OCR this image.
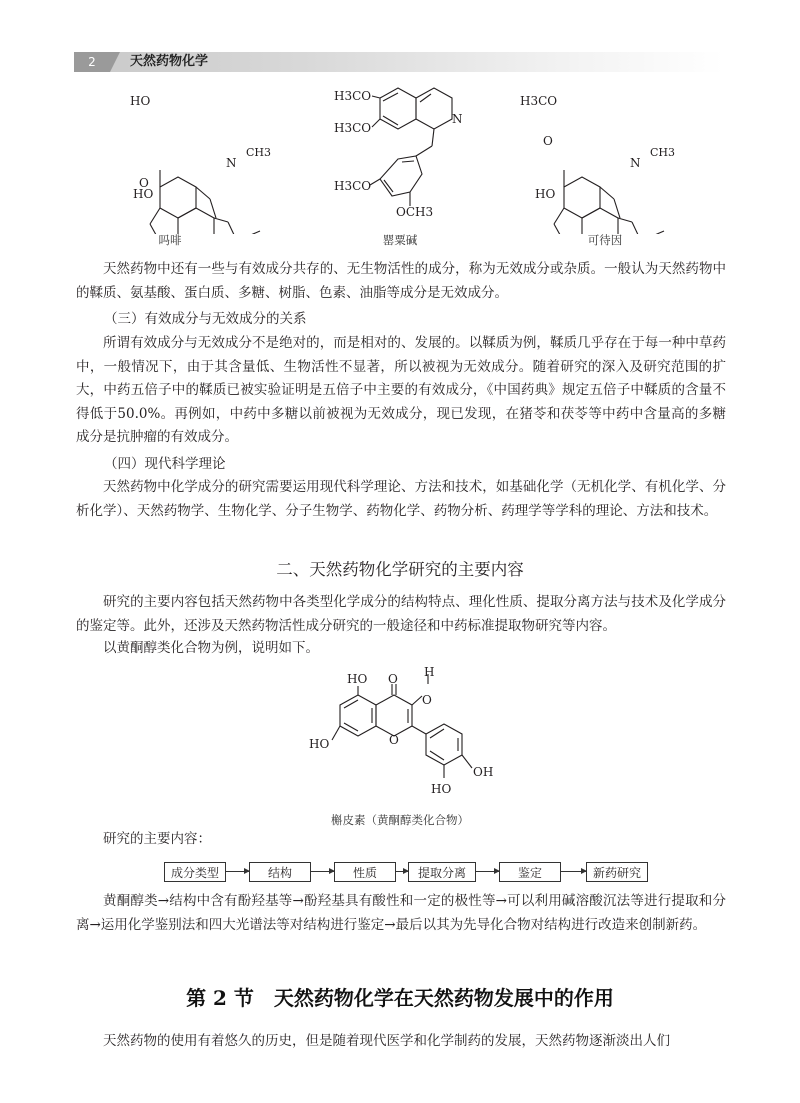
2	天然药物化学
HO
O
N
CH3
HO
H3CO
H3CO
N
H3CO
OCH3
H3CO
O
N
CH3
HO
吗啡	罂粟碱	可待因

天然药物中还有一些与有效成分共存的、无生物活性的成分，称为无效成分或杂质。一般认为天然药物中的鞣质、氨基酸、蛋白质、多糖、树脂、色素、油脂等成分是无效成分。

（三）有效成分与无效成分的关系

所谓有效成分与无效成分不是绝对的，而是相对的、发展的。以鞣质为例，鞣质几乎存在于每一种中草药中，一般情况下，由于其含量低、生物活性不显著，所以被视为无效成分。随着研究的深入及研究范围的扩大，中药五倍子中的鞣质已被实验证明是五倍子中主要的有效成分，《中国药典》规定五倍子中鞣质的含量不得低于50.0%。再例如，中药中多糖以前被视为无效成分，现已发现，在猪苓和茯苓等中药中含量高的多糖成分是抗肿瘤的有效成分。

（四）现代科学理论

天然药物中化学成分的研究需要运用现代科学理论、方法和技术，如基础化学（无机化学、有机化学、分析化学）、天然药物学、生物化学、分子生物学、药物化学、药物分析、药理学等学科的理论、方法和技术。

二、天然药物化学研究的主要内容

研究的主要内容包括天然药物中各类型化学成分的结构特点、理化性质、提取分离方法与技术及化学成分的鉴定等。此外，还涉及天然药物活性成分研究的一般途径和中药标准提取物研究等内容。

以黄酮醇类化合物为例，说明如下。

HO O H
O
HO	O
OH
HO
槲皮素（黄酮醇类化合物）

研究的主要内容：

成分类型	结构	性质	提取分离	鉴定	新药研究

黄酮醇类→结构中含有酚羟基等→酚羟基具有酸性和一定的极性等→可以利用碱溶酸沉法等进行提取和分离→运用化学鉴别法和四大光谱法等对结构进行鉴定→最后以其为先导化合物对结构进行改造来创制新药。

第 2 节　天然药物化学在天然药物发展中的作用

天然药物的使用有着悠久的历史，但是随着现代医学和化学制药的发展，天然药物逐渐淡出人们
